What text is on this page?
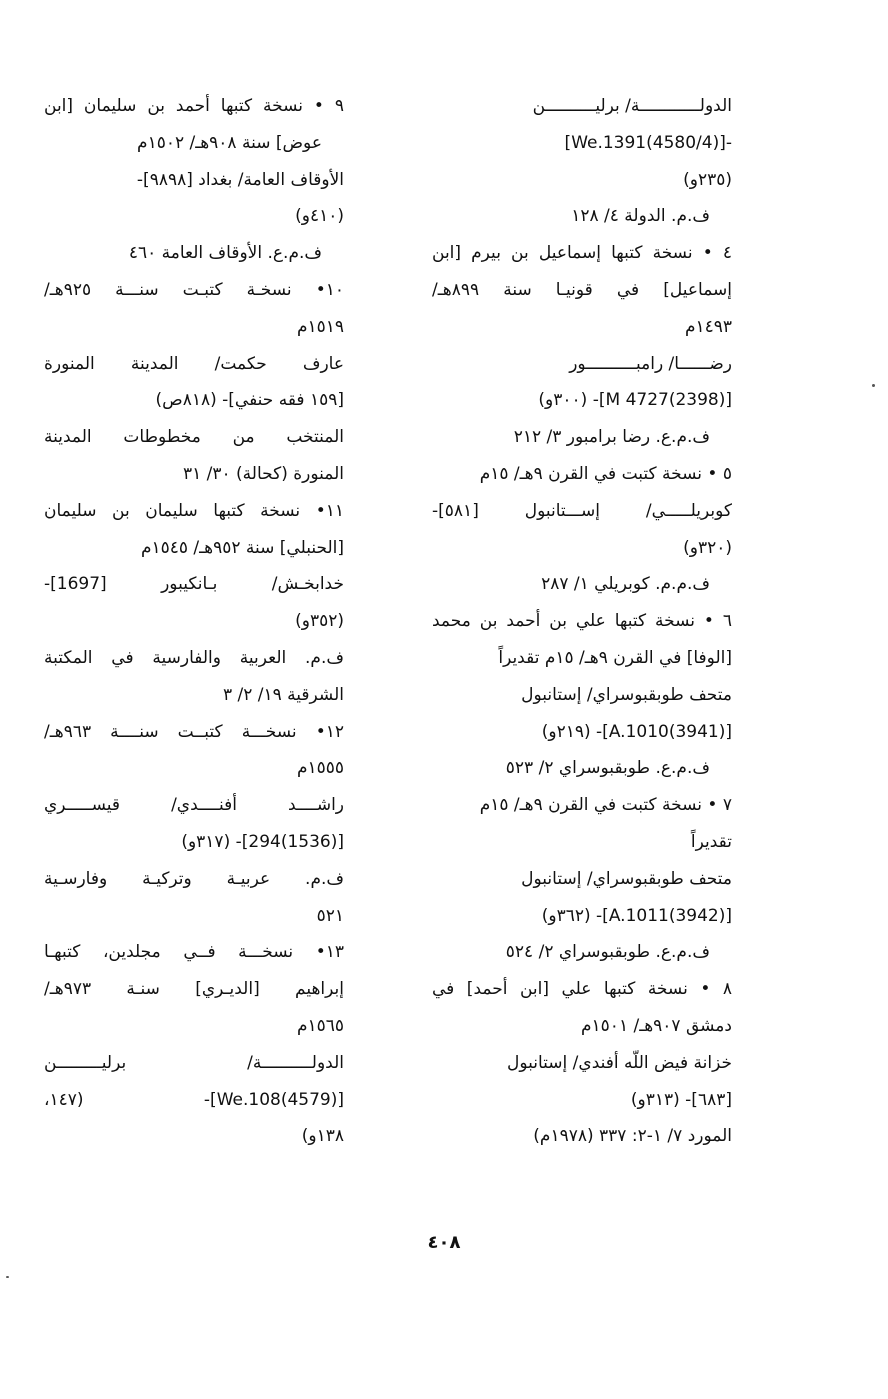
الدولــــــــــــة/ برليــــــــــن
-[(4580/4)We.1391]
(٢٣٥و)
ف.م. الدولة ٤/ ١٢٨
٤ • نسخة كتبها إسماعيل بن بيرم [ابن
إسماعيل] في قونيـا سنة ٨٩٩هـ/
١٤٩٣م
رضــــــا/ رامبــــــــــور
[(2398)4727 M]- (٣٠٠و)
ف.م.ع. رضا برامبور ٣/ ٢١٢
٥ • نسخة كتبت في القرن ٩هـ/ ١٥م
كوبريلـــــي/ إســـتانبول [٥٨١]-
(٣٢٠و)
ف.م.م. كوبريلي ١/ ٢٨٧
٦ • نسخة كتبها علي بن أحمد بن محمد
[الوفا] في القرن ٩هـ/ ١٥م تقديراً
متحف طوبقبوسراي/ إستانبول
[(3941)A.1010]- (٢١٩و)
ف.م.ع. طوبقبوسراي ٢/ ٥٢٣
٧ • نسخة كتبت في القرن ٩هـ/ ١٥م
تقديراً
متحف طوبقبوسراي/ إستانبول
[(3942)A.1011]- (٣٦٢و)
ف.م.ع. طوبقبوسراي ٢/ ٥٢٤
٨ • نسخة كتبها علي [ابن أحمد] في
دمشق ٩٠٧هـ/ ١٥٠١م
خزانة فيض اللّه أفندي/ إستانبول
[٦٨٣]- (٣١٣و)
المورد ٧/ ١-٢: ٣٣٧ (١٩٧٨م)
٩ • نسخة كتبها أحمد بن سليمان [ابن
عوض] سنة ٩٠٨هـ/ ١٥٠٢م
الأوقاف العامة/ بغداد [٩٨٩٨]-
(٤١٠و)
ف.م.ع. الأوقاف العامة ٤٦٠
١٠• نسخـة كتبـت سنـــة ٩٢٥هـ/
١٥١٩م
عارف حكمت/ المدينة المنورة
[١٥٩ فقه حنفي]- (٨١٨ص)
المنتخب من مخطوطات المدينة
المنورة (كحالة) ٣٠/ ٣١
١١• نسخة كتبها سليمان بن سليمان
[الحنبلي] سنة ٩٥٢هـ/ ١٥٤٥م
خدابخـش/ بـانكيبور [1697]-
(٣٥٢و)
ف.م. العربية والفارسية في المكتبة
الشرقية ١٩/ ٢/ ٣
١٢• نسخـــة كتبــت سنــــة ٩٦٣هـ/
١٥٥٥م
راشــــد أفنــــدي/ قيســـــري
[(1536)294]- (٣١٧و)
ف.م. عربيـة وتركيـة وفارسـية
٥٢١
١٣• نسخـــة فــي مجلدين، كتبهـا
إبراهيم [الديـري] سنـة ٩٧٣هـ/
١٥٦٥م
الدولــــــــــة/ برليـــــــــن
[(4579)We.108]- (١٤٧،
١٣٨و)
٤٠٨
